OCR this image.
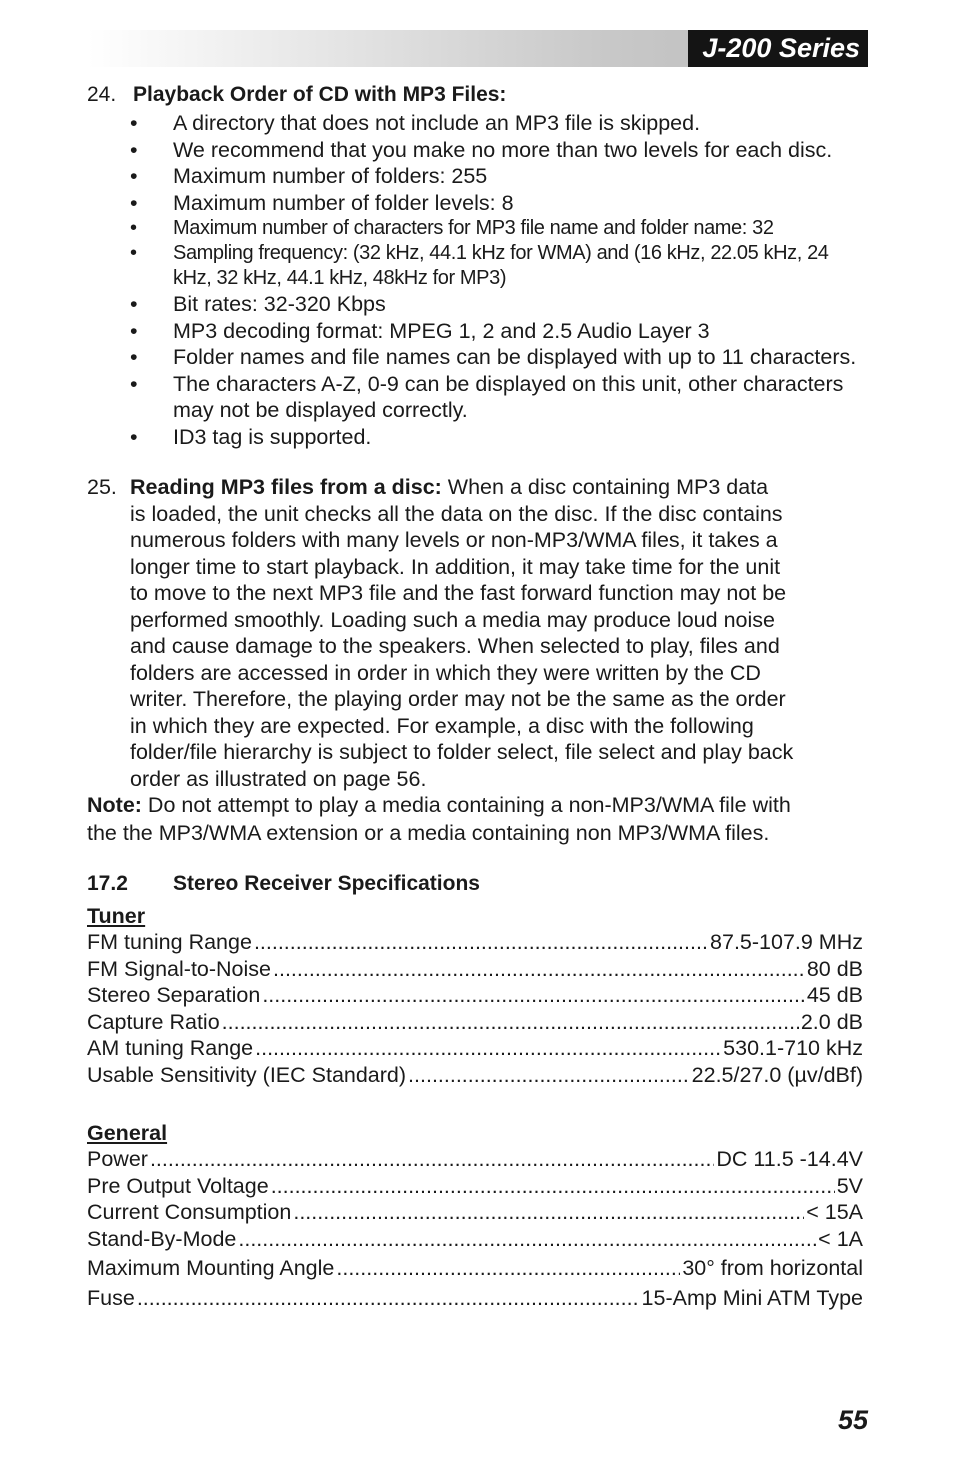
J-200 Series
24. Playback Order of CD with MP3 Files:
• A directory that does not include an MP3 file is skipped.
• We recommend that you make no more than two levels for each disc.
• Maximum number of folders: 255
• Maximum number of folder levels: 8
• Maximum number of characters for MP3 file name and folder name: 32
• Sampling frequency: (32 kHz, 44.1 kHz for WMA) and (16 kHz, 22.05 kHz, 24 kHz, 32 kHz, 44.1 kHz, 48kHz for MP3)
• Bit rates: 32-320 Kbps
• MP3 decoding format: MPEG 1, 2 and 2.5 Audio Layer 3
• Folder names and file names can be displayed with up to 11 characters.
• The characters A-Z, 0-9 can be displayed on this unit, other characters may not be displayed correctly.
• ID3 tag is supported.
25. Reading MP3 files from a disc: When a disc containing MP3 data
is loaded, the unit checks all the data on the disc. If the disc contains
numerous folders with many levels or non-MP3/WMA files, it takes a
longer time to start playback. In addition, it may take time for the unit
to move to the next MP3 file and the fast forward function may not be
performed smoothly. Loading such a media may produce loud noise
and cause damage to the speakers. When selected to play, files and
folders are accessed in order in which they were written by the CD
writer. Therefore, the playing order may not be the same as the order
in which they are expected. For example, a disc with the following
folder/file hierarchy is subject to folder select, file select and play back
order as illustrated on page 56.
Note: Do not attempt to play a media containing a non-MP3/WMA file with
the the MP3/WMA extension or a media containing non MP3/WMA files.
17.2	Stereo Receiver Specifications
Tuner
FM tuning Range .....	87.5-107.9 MHz
FM Signal-to-Noise .....	80 dB
Stereo Separation .....	45 dB
Capture Ratio .....	2.0 dB
AM tuning Range .....	530.1-710 kHz
Usable Sensitivity (IEC Standard) .....	22.5/27.0 (µv/dBf)
General
Power .....	DC 11.5 -14.4V
Pre Output Voltage .....	5V
Current Consumption .....	< 15A
Stand-By-Mode .....	< 1A
Maximum Mounting Angle .....	30° from horizontal
Fuse .....	15-Amp Mini ATM Type
55
